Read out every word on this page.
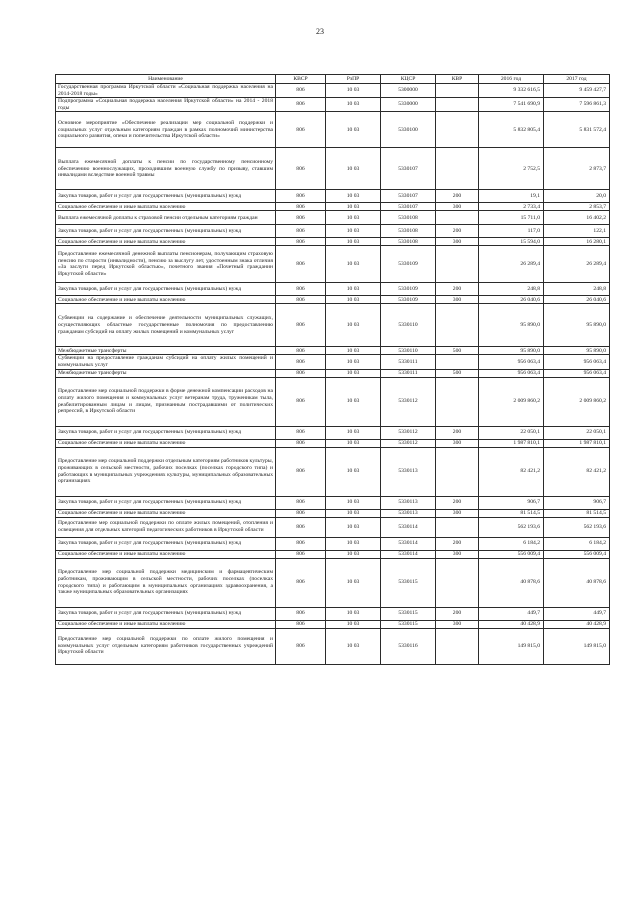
23
Наименование	КВСР	РзПР	КЦСР	КВР	2016 год	2017 год
Государственная программа Иркутской области «Социальная поддержка населения на 2014-2018 годы»	806	10 03	5300000		9 332 616,5	9 459 427,7
Подпрограмма «Социальная поддержка населения Иркутской области» на 2014 - 2018 годы	806	10 03	5330000		7 541 690,9	7 596 861,3
Основное мероприятие «Обеспечение реализации мер социальной поддержки и социальных услуг отдельным категориям граждан в рамках полномочий министерства социального развития, опеки и попечительства Иркутской области»	806	10 03	5330100		5 832 805,4	5 831 572,4
Выплата ежемесячной доплаты к пенсии по государственному пенсионному обеспечению военнослужащих, проходившим военную службу по призыву, ставшим инвалидами вследствие военной травмы	806	10 03	5330107		2 752,5	2 873,7
Закупка товаров, работ и услуг для государственных (муниципальных) нужд	806	10 03	5330107	200	19,1	20,0
Социальное обеспечение и иные выплаты населению	806	10 03	5330107	300	2 733,4	2 853,7
Выплата ежемесячной доплаты к страховой пенсии отдельным категориям граждан	806	10 03	5330108		15 711,0	16 402,2
Закупка товаров, работ и услуг для государственных (муниципальных) нужд	806	10 03	5330108	200	117,0	122,1
Социальное обеспечение и иные выплаты населению	806	10 03	5330108	300	15 594,0	16 280,1
Предоставление ежемесячной денежной выплаты пенсионерам, получающим страховую пенсию по старости (инвалидности), пенсию за выслугу лет, удостоенным знака отличия «За заслуги перед Иркутской областью», почетного звания «Почетный гражданин Иркутской области»	806	10 03	5330109		26 289,4	26 289,4
Закупка товаров, работ и услуг для государственных (муниципальных) нужд	806	10 03	5330109	200	248,8	248,8
Социальное обеспечение и иные выплаты населению	806	10 03	5330109	300	26 040,6	26 040,6
Субвенции на содержание и обеспечение деятельности муниципальных служащих, осуществляющих областные государственные полномочия по предоставлению гражданам субсидий на оплату жилых помещений и коммунальных услуг	806	10 03	5330110		95 890,0	95 890,0
Межбюджетные трансферты	806	10 03	5330110	500	95 890,0	95 890,0
Субвенции на предоставление гражданам субсидий на оплату жилых помещений и коммунальных услуг	806	10 03	5330111		956 063,4	956 063,4
Межбюджетные трансферты	806	10 03	5330111	500	956 063,4	956 063,4
Предоставление мер социальной поддержки в форме денежной компенсации расходов на оплату жилого помещения и коммунальных услуг ветеранам труда, труженикам тыла, реабилитированным лицам и лицам, признанным пострадавшими от политических репрессий, в Иркутской области	806	10 03	5330112		2 009 860,2	2 009 860,2
Закупка товаров, работ и услуг для государственных (муниципальных) нужд	806	10 03	5330112	200	22 050,1	22 050,1
Социальное обеспечение и иные выплаты населению	806	10 03	5330112	300	1 987 810,1	1 987 810,1
Предоставление мер социальной поддержки отдельным категориям работников культуры, проживающих в сельской местности, рабочих поселках (поселках городского типа) и работающих в муниципальных учреждениях культуры, муниципальных образовательных организациях	806	10 03	5330113		82 421,2	82 421,2
Закупка товаров, работ и услуг для государственных (муниципальных) нужд	806	10 03	5330113	200	906,7	906,7
Социальное обеспечение и иные выплаты населению	806	10 03	5330113	300	81 514,5	81 514,5
Предоставление мер социальной поддержки по оплате жилых помещений, отопления и освещения для отдельных категорий педагогических работников в Иркутской области	806	10 03	5330114		562 193,6	562 193,6
Закупка товаров, работ и услуг для государственных (муниципальных) нужд	806	10 03	5330114	200	6 184,2	6 184,2
Социальное обеспечение и иные выплаты населению	806	10 03	5330114	300	556 009,4	556 009,4
Предоставление мер социальной поддержки медицинским и фармацевтическим работникам, проживающим в сельской местности, рабочих поселках (поселках городского типа) и работающим в муниципальных организациях здравоохранения, а также муниципальных образовательных организациях	806	10 03	5330115		40 878,6	40 878,6
Закупка товаров, работ и услуг для государственных (муниципальных) нужд	806	10 03	5330115	200	449,7	449,7
Социальное обеспечение и иные выплаты населению	806	10 03	5330115	300	40 428,9	40 428,9
Предоставление мер социальной поддержки по оплате жилого помещения и коммунальных услуг отдельным категориям работников государственных учреждений Иркутской области	806	10 03	5330116		149 815,0	149 815,0
